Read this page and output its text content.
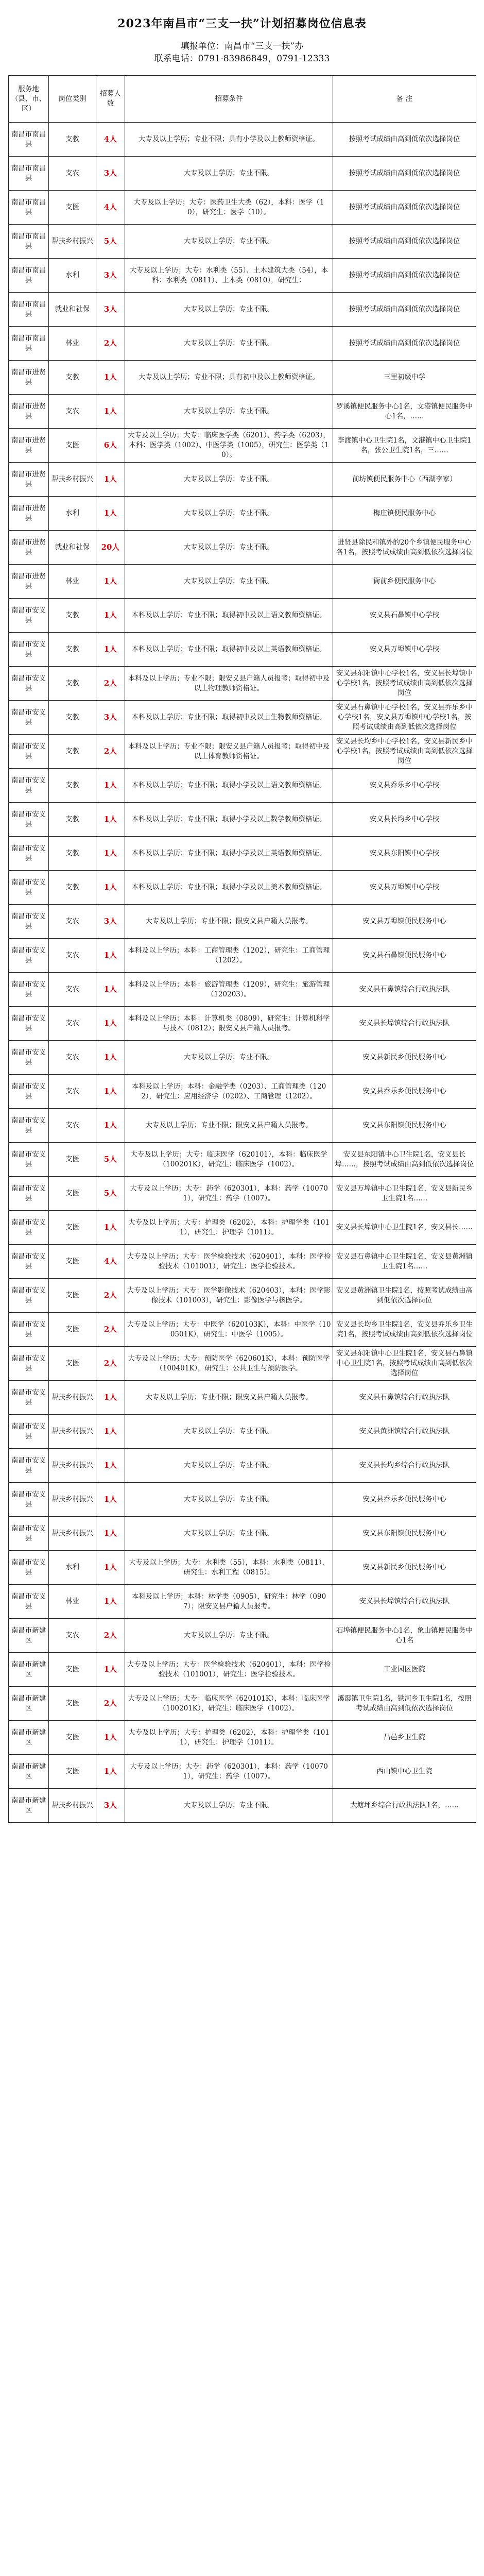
2023年南昌市“三支一扶”计划招募岗位信息表
填报单位：南昌市“三支一扶”办
联系电话：0791-83986849，0791-12333
服务地（县、市、区）	岗位类别	招募人数	招募条件	备 注
南昌市南昌县	支教	4人	大专及以上学历；专业不限；具有小学及以上教师资格证。	按照考试成绩由高到低依次选择岗位
南昌市南昌县	支农	3人	大专及以上学历；专业不限。	按照考试成绩由高到低依次选择岗位
南昌市南昌县	支医	4人	大专及以上学历；大专：医药卫生大类（62），本科：医学（10），研究生：医学（10）。	按照考试成绩由高到低依次选择岗位
南昌市南昌县	帮扶乡村振兴	5人	大专及以上学历；专业不限。	按照考试成绩由高到低依次选择岗位
南昌市南昌县	水利	3人	大专及以上学历；大专：水利类（55）、土木建筑大类（54），本科：水利类（0811）、土木类（0810），研究生：	按照考试成绩由高到低依次选择岗位
南昌市南昌县	就业和社保	3人	大专及以上学历；专业不限。	按照考试成绩由高到低依次选择岗位
南昌市南昌县	林业	2人	大专及以上学历；专业不限。	按照考试成绩由高到低依次选择岗位
南昌市进贤县	支教	1人	大专及以上学历；专业不限；具有初中及以上教师资格证。	三里初级中学
南昌市进贤县	支农	1人	大专及以上学历；专业不限。	罗溪镇便民服务中心1名，文港镇便民服务中心1名，……
南昌市进贤县	支医	6人	大专及以上学历；大专：临床医学类（6201）、药学类（6203），本科：医学类（1002）、中医学类（1005），研究生：医学类（10）。	李渡镇中心卫生院1名，文港镇中心卫生院1名，张公卫生院1名，三……
南昌市进贤县	帮扶乡村振兴	1人	大专及以上学历；专业不限。	前坊镇便民服务中心（西湖李家）
南昌市进贤县	水利	1人	大专及以上学历；专业不限。	梅庄镇便民服务中心
南昌市进贤县	就业和社保	20人	大专及以上学历；专业不限。	进贤县除民和镇外的20个乡镇便民服务中心各1名，按照考试成绩由高到低依次选择岗位
南昌市进贤县	林业	1人	大专及以上学历；专业不限。	衙前乡便民服务中心
南昌市安义县	支教	1人	本科及以上学历；专业不限；取得初中及以上语文教师资格证。	安义县石鼻镇中心学校
南昌市安义县	支教	1人	本科及以上学历；专业不限；取得初中及以上英语教师资格证。	安义县万埠镇中心学校
南昌市安义县	支教	2人	本科及以上学历；专业不限；限安义县户籍人员报考；取得初中及以上物理教师资格证。	安义县东阳镇中心学校1名，安义县长埠镇中心学校1名，按照考试成绩由高到低依次选择岗位
南昌市安义县	支教	3人	本科及以上学历；专业不限；取得初中及以上生物教师资格证。	安义县石鼻镇中心学校1名，安义县乔乐乡中心学校1名，安义县万埠镇中心学校1名，按照考试成绩由高到低依次选择岗位
南昌市安义县	支教	2人	本科及以上学历；专业不限；限安义县户籍人员报考；取得初中及以上体育教师资格证。	安义县长均乡中心学校1名，安义县新民乡中心学校1名，按照考试成绩由高到低依次选择岗位
南昌市安义县	支教	1人	本科及以上学历；专业不限；取得小学及以上语文教师资格证。	安义县乔乐乡中心学校
南昌市安义县	支教	1人	本科及以上学历；专业不限；取得小学及以上数学教师资格证。	安义县长均乡中心学校
南昌市安义县	支教	1人	本科及以上学历；专业不限；取得小学及以上英语教师资格证。	安义县东阳镇中心学校
南昌市安义县	支教	1人	本科及以上学历；专业不限；取得小学及以上美术教师资格证。	安义县万埠镇中心学校
南昌市安义县	支农	3人	大专及以上学历；专业不限；限安义县户籍人员报考。	安义县万埠镇便民服务中心
南昌市安义县	支农	1人	本科及以上学历；本科：工商管理类（1202），研究生：工商管理（1202）。	安义县石鼻镇便民服务中心
南昌市安义县	支农	1人	本科及以上学历；本科：旅游管理类（1209），研究生：旅游管理（120203）。	安义县石鼻镇综合行政执法队
南昌市安义县	支农	1人	本科及以上学历；本科：计算机类（0809），研究生：计算机科学与技术（0812）；限安义县户籍人员报考。	安义县长埠镇综合行政执法队
南昌市安义县	支农	1人	大专及以上学历；专业不限。	安义县新民乡便民服务中心
南昌市安义县	支农	1人	本科及以上学历；本科：金融学类（0203）、工商管理类（1202），研究生：应用经济学（0202）、工商管理（1202）。	安义县乔乐乡便民服务中心
南昌市安义县	支农	1人	大专及以上学历；专业不限；限安义县户籍人员报考。	安义县东阳镇便民服务中心
南昌市安义县	支医	5人	大专及以上学历；大专：临床医学（620101），本科：临床医学（100201K），研究生：临床医学（1002）。	安义县东阳镇中心卫生院1名，安义县长埠……，按照考试成绩由高到低依次选择岗位
南昌市安义县	支医	5人	大专及以上学历；大专：药学（620301），本科：药学（100701），研究生：药学（1007）。	安义县万埠镇中心卫生院1名，安义县新民乡卫生院1名……
南昌市安义县	支医	1人	大专及以上学历；大专：护理类（6202），本科：护理学类（1011），研究生：护理学（1011）。	安义县长埠镇中心卫生院1名，安义县长……
南昌市安义县	支医	4人	大专及以上学历；大专：医学检验技术（620401），本科：医学检验技术（101001），研究生：医学检验技术。	安义县石鼻镇中心卫生院1名，安义县黄洲镇卫生院1名……
南昌市安义县	支医	2人	大专及以上学历；大专：医学影像技术（620403），本科：医学影像技术（101003），研究生：影像医学与核医学。	安义县黄洲镇卫生院1名，按照考试成绩由高到低依次选择岗位
南昌市安义县	支医	2人	大专及以上学历；大专：中医学（620103K），本科：中医学（100501K），研究生：中医学（1005）。	安义县长均乡卫生院1名，安义县乔乐乡卫生院1名，按照考试成绩由高到低依次选择岗位
南昌市安义县	支医	2人	大专及以上学历；大专：预防医学（620601K），本科：预防医学（100401K），研究生：公共卫生与预防医学。	安义县东阳镇中心卫生院1名，安义县石鼻镇中心卫生院1名，按照考试成绩由高到低依次选择岗位
南昌市安义县	帮扶乡村振兴	1人	大专及以上学历；专业不限；限安义县户籍人员报考。	安义县石鼻镇综合行政执法队
南昌市安义县	帮扶乡村振兴	1人	大专及以上学历；专业不限。	安义县黄洲镇综合行政执法队
南昌市安义县	帮扶乡村振兴	1人	大专及以上学历；专业不限。	安义县长均乡综合行政执法队
南昌市安义县	帮扶乡村振兴	1人	大专及以上学历；专业不限。	安义县乔乐乡便民服务中心
南昌市安义县	帮扶乡村振兴	1人	大专及以上学历；专业不限。	安义县东阳镇便民服务中心
南昌市安义县	水利	1人	大专及以上学历；大专：水利类（55），本科：水利类（0811），研究生：水利工程（0815）。	安义县新民乡便民服务中心
南昌市安义县	林业	1人	本科及以上学历；本科：林学类（0905），研究生：林学（0907）；限安义县户籍人员报考。	安义县长埠镇综合行政执法队
南昌市新建区	支农	2人	大专及以上学历；专业不限。	石埠镇便民服务中心1名，象山镇便民服务中心1名
南昌市新建区	支医	1人	大专及以上学历；大专：医学检验技术（620401），本科：医学检验技术（101001），研究生：医学检验技术。	工业园区医院
南昌市新建区	支医	2人	大专及以上学历；大专：临床医学（620101K），本科：临床医学（100201K），研究生：临床医学（1002）。	溪霞镇卫生院1名，铁河乡卫生院1名，按照考试成绩由高到低依次选择岗位
南昌市新建区	支医	1人	大专及以上学历；大专：护理类（6202），本科：护理学类（1011），研究生：护理学（1011）。	昌邑乡卫生院
南昌市新建区	支医	1人	大专及以上学历；大专：药学（620301），本科：药学（100701），研究生：药学（1007）。	西山镇中心卫生院
南昌市新建区	帮扶乡村振兴	3人	大专及以上学历；专业不限。	大塘坪乡综合行政执法队1名，……
